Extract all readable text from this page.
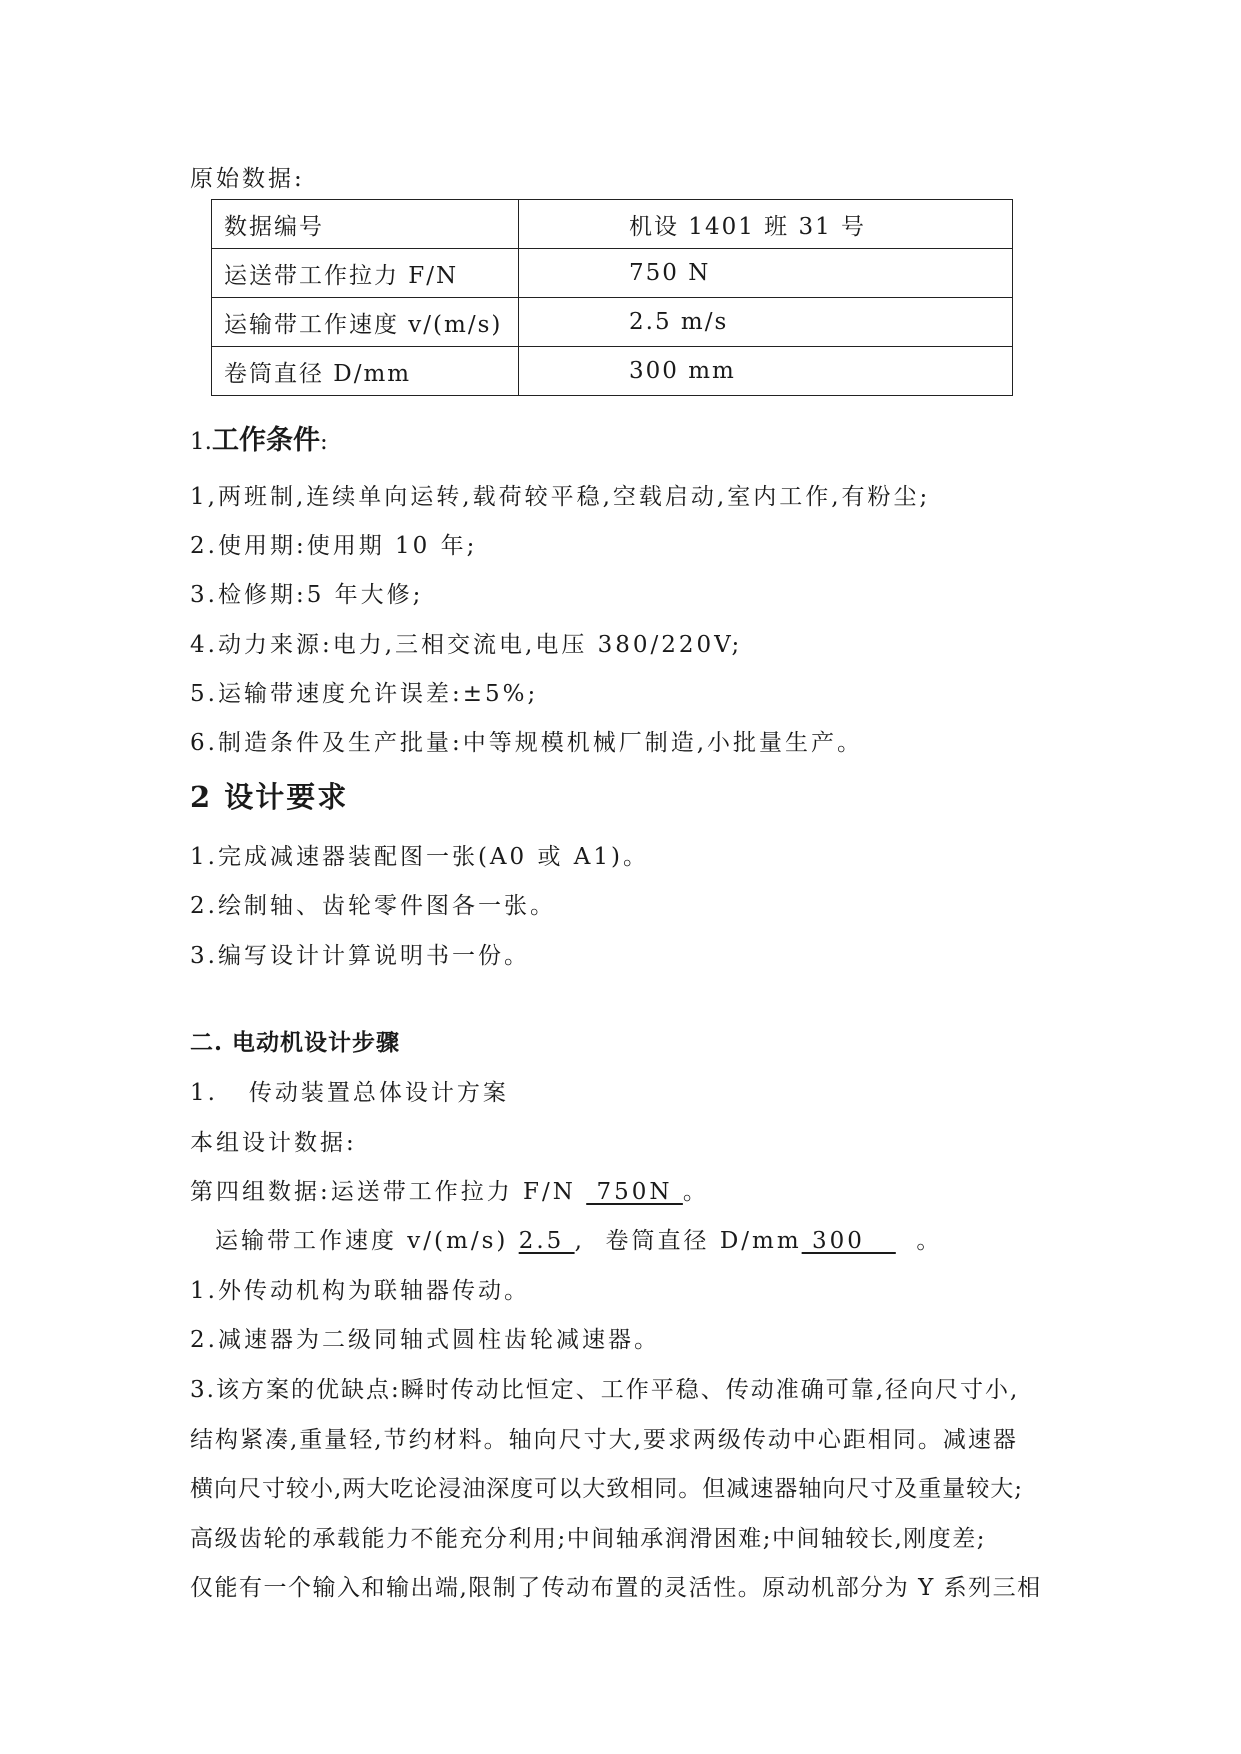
原始数据:
数据编号	机设 1401 班 31 号
运送带工作拉力 F/N	750 N
运输带工作速度 v/(m/s)	2.5 m/s
卷筒直径 D/mm	300 mm
1.工作条件:
1,两班制,连续单向运转,载荷较平稳,空载启动,室内工作,有粉尘;
2.使用期:使用期 10 年;
3.检修期:5 年大修;
4.动力来源:电力,三相交流电,电压 380/220V;
5.运输带速度允许误差:±5%;
6.制造条件及生产批量:中等规模机械厂制造,小批量生产。
2 设计要求
1.完成减速器装配图一张(A0 或 A1)。
2.绘制轴、齿轮零件图各一张。
3.编写设计计算说明书一份。
二. 电动机设计步骤
1.   传动装置总体设计方案
本组设计数据:
第四组数据:运送带工作拉力 F/N  750N 。
运输带工作速度 v/(m/s) 2.5 ,  卷筒直径 D/mm 300     。
1.外传动机构为联轴器传动。
2.减速器为二级同轴式圆柱齿轮减速器。
3.该方案的优缺点:瞬时传动比恒定、工作平稳、传动准确可靠,径向尺寸小,
结构紧凑,重量轻,节约材料。轴向尺寸大,要求两级传动中心距相同。减速器
横向尺寸较小,两大吃论浸油深度可以大致相同。但减速器轴向尺寸及重量较大;
高级齿轮的承载能力不能充分利用;中间轴承润滑困难;中间轴较长,刚度差;
仅能有一个输入和输出端,限制了传动布置的灵活性。原动机部分为 Y 系列三相
